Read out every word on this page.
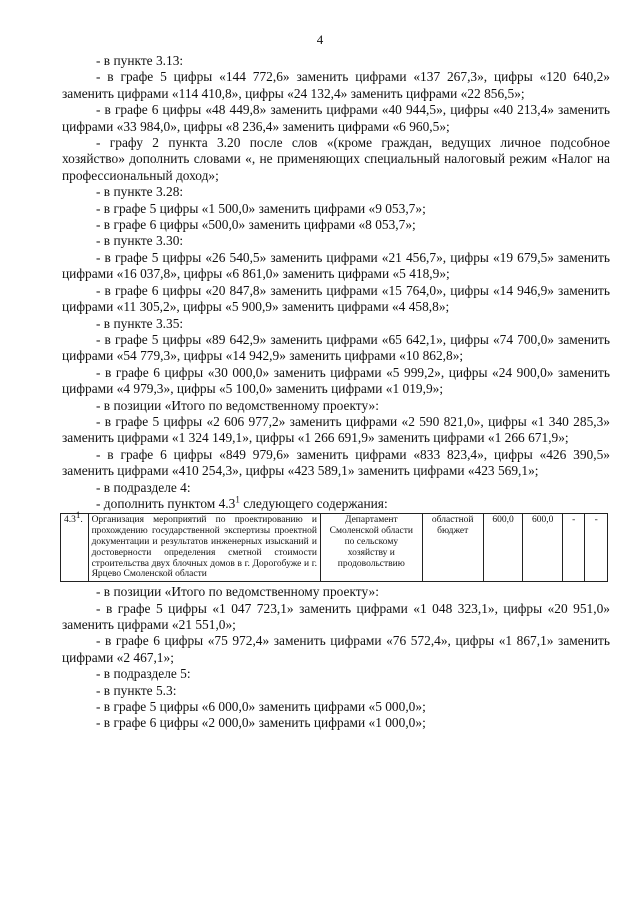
4

- в пункте 3.13:

- в графе 5 цифры «144 772,6» заменить цифрами «137 267,3», цифры «120 640,2» заменить цифрами «114 410,8», цифры «24 132,4» заменить цифрами «22 856,5»;

- в графе 6 цифры «48 449,8» заменить цифрами «40 944,5», цифры «40 213,4» заменить цифрами «33 984,0», цифры «8 236,4» заменить цифрами «6 960,5»;

- графу 2 пункта 3.20 после слов «(кроме граждан, ведущих личное подсобное хозяйство» дополнить словами «, не применяющих специальный налоговый режим «Налог на профессиональный доход»;

- в пункте 3.28:

- в графе 5 цифры «1 500,0» заменить цифрами «9 053,7»;

- в графе 6 цифры «500,0» заменить цифрами «8 053,7»;

- в пункте 3.30:

- в графе 5 цифры «26 540,5» заменить цифрами «21 456,7», цифры «19 679,5» заменить цифрами «16 037,8», цифры «6 861,0» заменить цифрами «5 418,9»;

- в графе 6 цифры «20 847,8» заменить цифрами «15 764,0», цифры «14 946,9» заменить цифрами «11 305,2», цифры «5 900,9» заменить цифрами «4 458,8»;

- в пункте 3.35:

- в графе 5 цифры «89 642,9» заменить цифрами «65 642,1», цифры «74 700,0» заменить цифрами «54 779,3», цифры «14 942,9» заменить цифрами «10 862,8»;

- в графе 6 цифры «30 000,0» заменить цифрами «5 999,2», цифры «24 900,0» заменить цифрами «4 979,3», цифры «5 100,0» заменить цифрами «1 019,9»;

- в позиции «Итого по ведомственному проекту»:

- в графе 5 цифры «2 606 977,2» заменить цифрами «2 590 821,0», цифры «1 340 285,3» заменить цифрами «1 324 149,1», цифры «1 266 691,9» заменить цифрами «1 266 671,9»;

- в графе 6 цифры «849 979,6» заменить цифрами «833 823,4», цифры «426 390,5» заменить цифрами «410 254,3», цифры «423 589,1» заменить цифрами «423 569,1»;

- в подразделе 4:

- дополнить пунктом $4.3^1$ следующего содержания:

$4.3^1$.	Организация мероприятий по проектированию и прохождению государственной экспертизы проектной документации и результатов инженерных изысканий и достоверности определения сметной стоимости строительства двух блочных домов в г. Дорогобуже и г. Ярцево Смоленской области	Департамент Смоленской области по сельскому хозяйству и продовольствию	областной бюджет	600,0	600,0	-	-

- в позиции «Итого по ведомственному проекту»:

- в графе 5 цифры «1 047 723,1» заменить цифрами «1 048 323,1», цифры «20 951,0» заменить цифрами «21 551,0»;

- в графе 6 цифры «75 972,4» заменить цифрами «76 572,4», цифры «1 867,1» заменить цифрами «2 467,1»;

- в подразделе 5:

- в пункте 5.3:

- в графе 5 цифры «6 000,0» заменить цифрами «5 000,0»;

- в графе 6 цифры «2 000,0» заменить цифрами «1 000,0»;
